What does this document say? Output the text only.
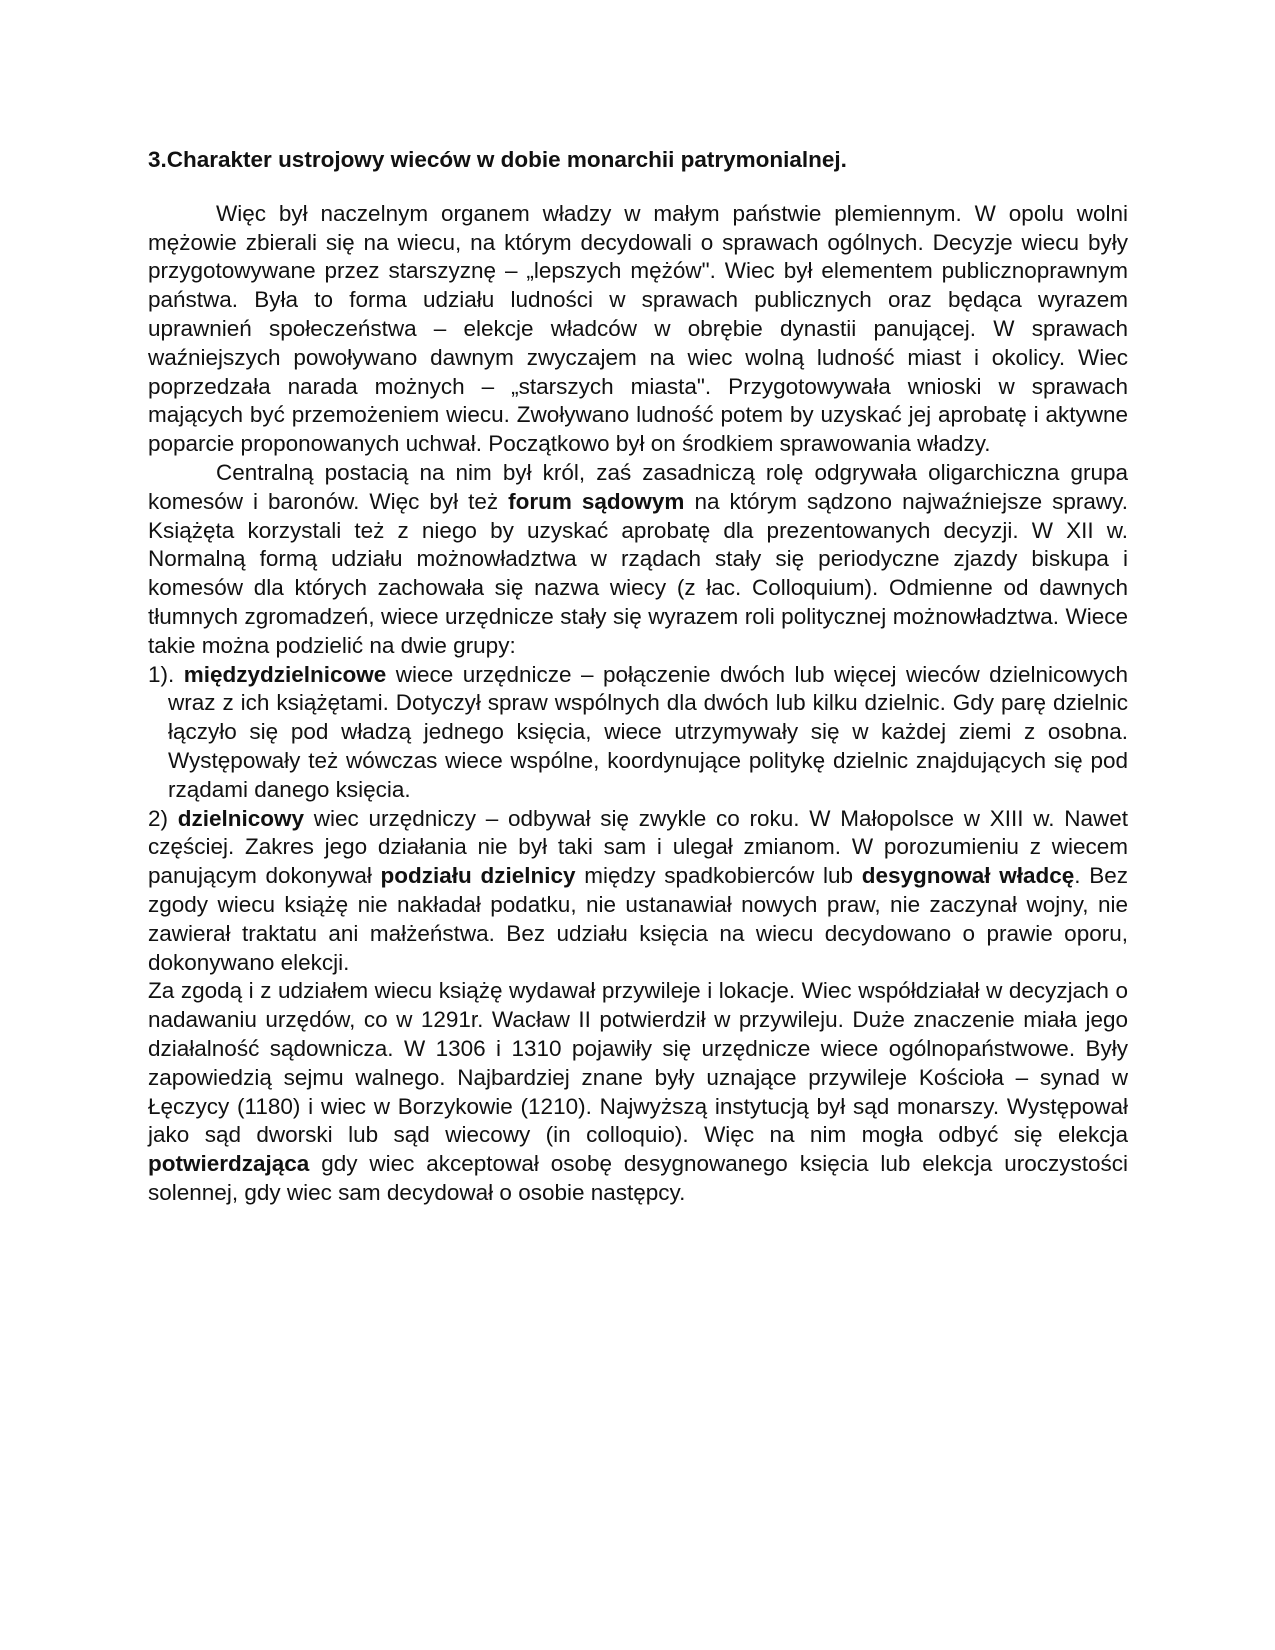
3.Charakter ustrojowy wieców w dobie monarchii patrymonialnej.

Więc był naczelnym organem władzy w małym państwie plemiennym. W opolu wolni mężowie zbierali się na wiecu, na którym decydowali o sprawach ogólnych. Decyzje wiecu były przygotowywane przez starszyznę – „lepszych mężów". Wiec był elementem publicznoprawnym państwa. Była to forma udziału ludności w sprawach publicznych oraz będąca wyrazem uprawnień społeczeństwa – elekcje władców w obrębie dynastii panującej. W sprawach waźniejszych powoływano dawnym zwyczajem na wiec wolną ludność miast i okolicy. Wiec poprzedzała narada możnych – „starszych miasta". Przygotowywała wnioski w sprawach mających być przemożeniem wiecu. Zwoływano ludność potem by uzyskać jej aprobatę i aktywne poparcie proponowanych uchwał. Początkowo był on środkiem sprawowania władzy.

Centralną postacią na nim był król, zaś zasadniczą rolę odgrywała oligarchiczna grupa komesów i baronów. Więc był też forum sądowym na którym sądzono najwaźniejsze sprawy. Książęta korzystali też z niego by uzyskać aprobatę dla prezentowanych decyzji. W XII w. Normalną formą udziału możnowładztwa w rządach stały się periodyczne zjazdy biskupa i komesów dla których zachowała się nazwa wiecy (z łac. Colloquium). Odmienne od dawnych tłumnych zgromadzeń, wiece urzędnicze stały się wyrazem roli politycznej możnowładztwa. Wiece takie można podzielić na dwie grupy:

1). międzydzielnicowe wiece urzędnicze – połączenie dwóch lub więcej wieców dzielnicowych wraz z ich książętami. Dotyczył spraw wspólnych dla dwóch lub kilku dzielnic. Gdy parę dzielnic łączyło się pod władzą jednego księcia, wiece utrzymywały się w każdej ziemi z osobna. Występowały też wówczas wiece wspólne, koordynujące politykę dzielnic znajdujących się pod rządami danego księcia.

2) dzielnicowy wiec urzędniczy – odbywał się zwykle co roku. W Małopolsce w XIII w. Nawet częściej. Zakres jego działania nie był taki sam i ulegał zmianom. W porozumieniu z wiecem panującym dokonywał podziału dzielnicy między spadkobierców lub desygnował władcę. Bez zgody wiecu książę nie nakładał podatku, nie ustanawiał nowych praw, nie zaczynał wojny, nie zawierał traktatu ani małżeństwa. Bez udziału księcia na wiecu decydowano o prawie oporu, dokonywano elekcji.

Za zgodą i z udziałem wiecu książę wydawał przywileje i lokacje. Wiec współdziałał w decyzjach o nadawaniu urzędów, co w 1291r. Wacław II potwierdził w przywileju. Duże znaczenie miała jego działalność sądownicza. W 1306 i 1310 pojawiły się urzędnicze wiece ogólnopaństwowe. Były zapowiedzią sejmu walnego. Najbardziej znane były uznające przywileje Kościoła – synad w Łęczycy (1180) i wiec w Borzykowie (1210). Najwyższą instytucją był sąd monarszy. Występował jako sąd dworski lub sąd wiecowy (in colloquio). Więc na nim mogła odbyć się elekcja potwierdzająca gdy wiec akceptował osobę desygnowanego księcia lub elekcja uroczystości solennej, gdy wiec sam decydował o osobie następcy.
